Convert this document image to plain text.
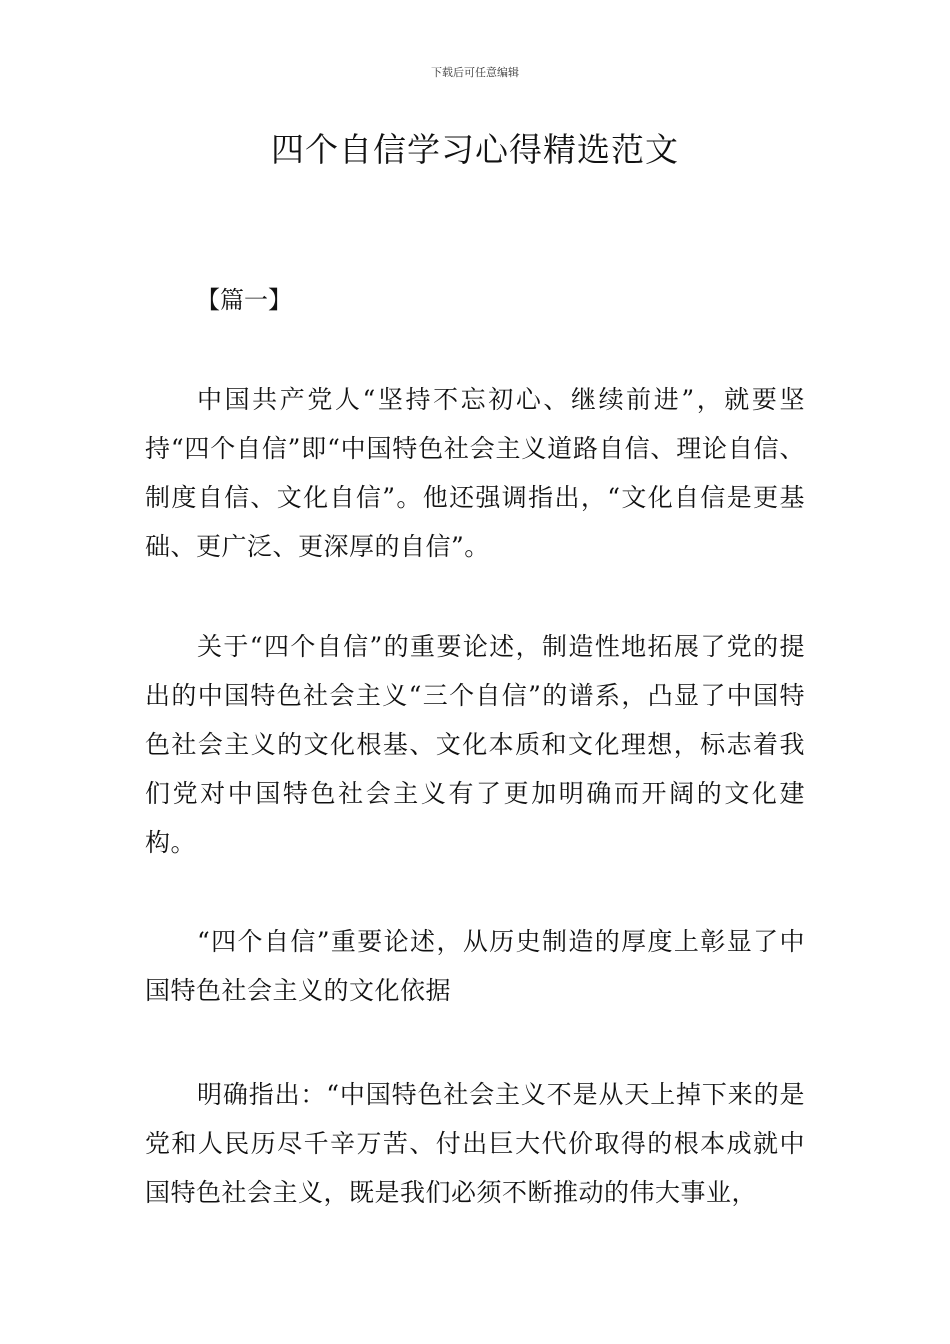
下载后可任意编辑
四个自信学习心得精选范文

【篇一】

中国共产党人“坚持不忘初心、继续前进”，就要坚持“四个自信”即“中国特色社会主义道路自信、理论自信、制度自信、文化自信”。他还强调指出，“文化自信是更基础、更广泛、更深厚的自信”。

关于“四个自信”的重要论述，制造性地拓展了党的提出的中国特色社会主义“三个自信”的谱系，凸显了中国特色社会主义的文化根基、文化本质和文化理想，标志着我们党对中国特色社会主义有了更加明确而开阔的文化建构。

“四个自信”重要论述，从历史制造的厚度上彰显了中国特色社会主义的文化依据

明确指出：“中国特色社会主义不是从天上掉下来的是党和人民历尽千辛万苦、付出巨大代价取得的根本成就中国特色社会主义，既是我们必须不断推动的伟大事业，
